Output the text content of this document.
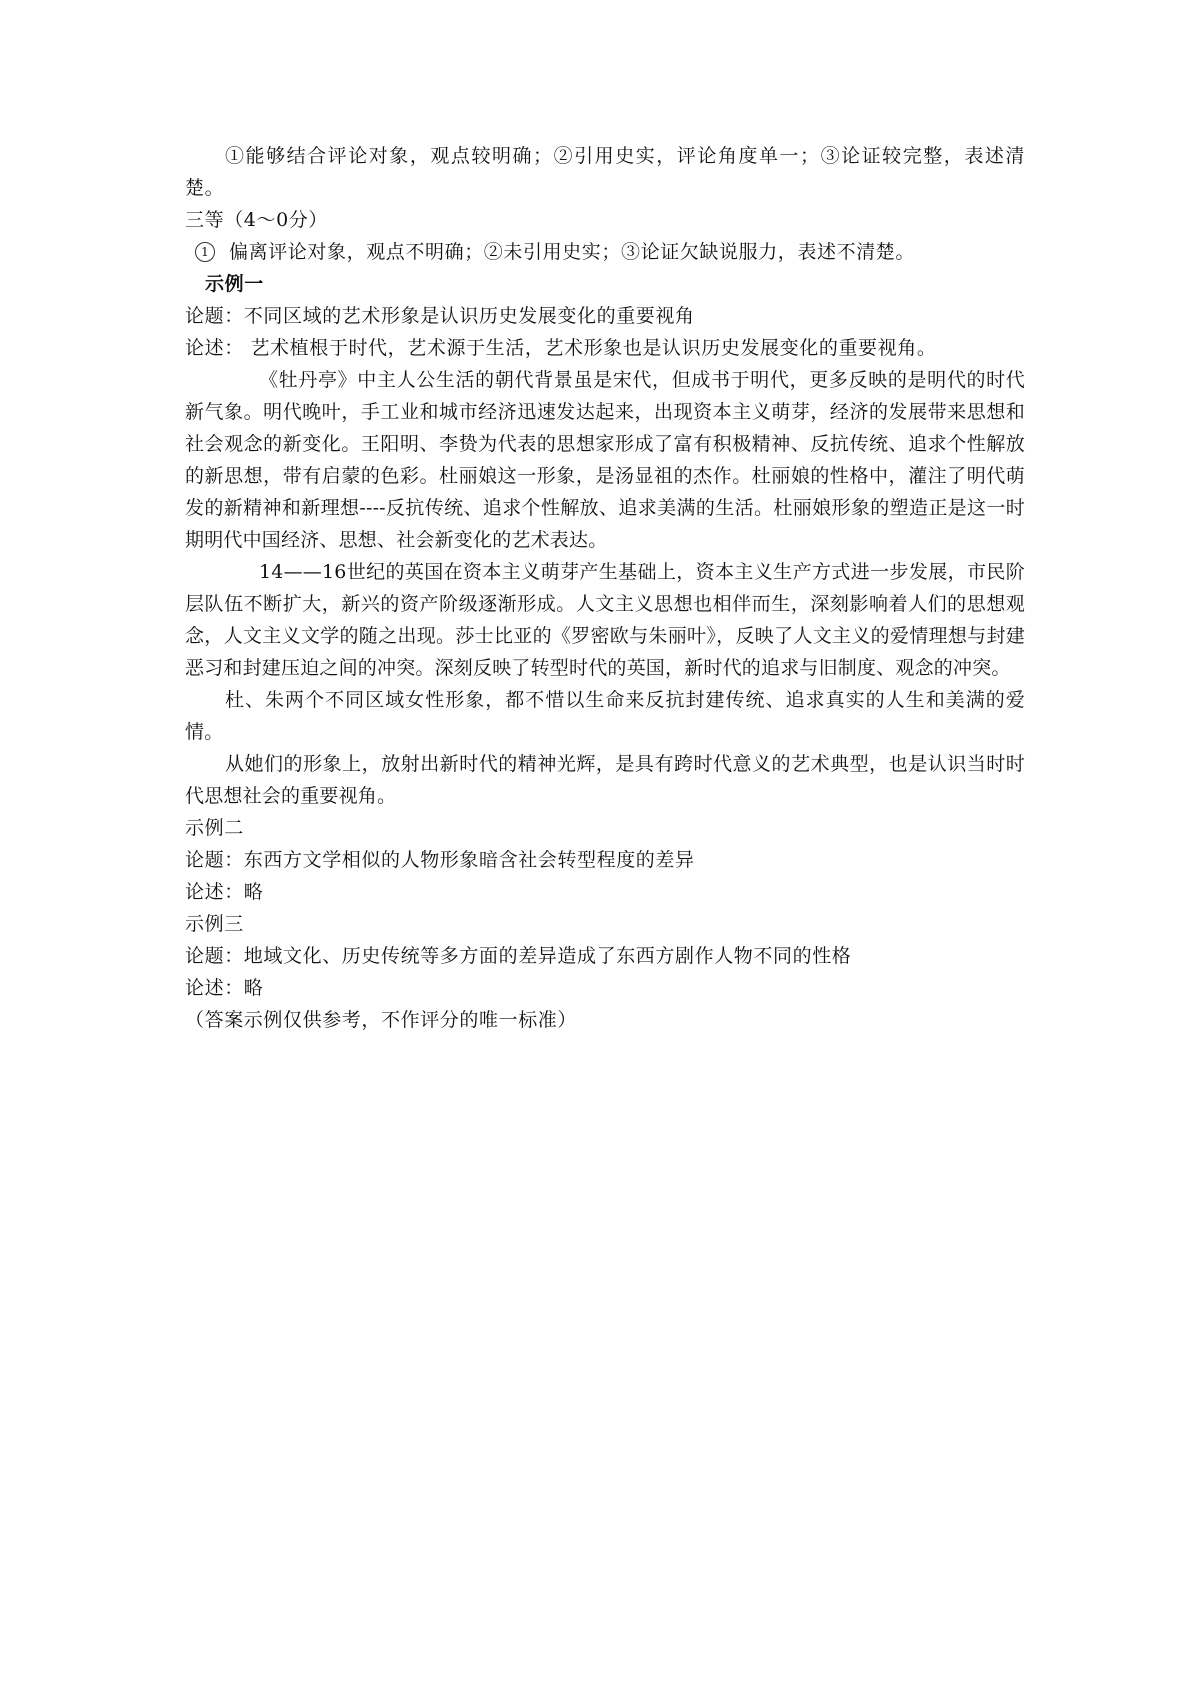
①能够结合评论对象，观点较明确；②引用史实，评论角度单一；③论证较完整，表述清楚。

三等（4～0分）

1 偏离评论对象，观点不明确；②未引用史实；③论证欠缺说服力，表述不清楚。

示例一

论题：不同区域的艺术形象是认识历史发展变化的重要视角

论述： 艺术植根于时代，艺术源于生活，艺术形象也是认识历史发展变化的重要视角。

《牡丹亭》中主人公生活的朝代背景虽是宋代，但成书于明代，更多反映的是明代的时代新气象。明代晚叶，手工业和城市经济迅速发达起来，出现资本主义萌芽，经济的发展带来思想和社会观念的新变化。王阳明、李贽为代表的思想家形成了富有积极精神、反抗传统、追求个性解放的新思想，带有启蒙的色彩。杜丽娘这一形象，是汤显祖的杰作。杜丽娘的性格中，灌注了明代萌发的新精神和新理想----反抗传统、追求个性解放、追求美满的生活。杜丽娘形象的塑造正是这一时期明代中国经济、思想、社会新变化的艺术表达。

14——16世纪的英国在资本主义萌芽产生基础上，资本主义生产方式进一步发展，市民阶层队伍不断扩大，新兴的资产阶级逐渐形成。人文主义思想也相伴而生，深刻影响着人们的思想观念，人文主义文学的随之出现。莎士比亚的《罗密欧与朱丽叶》，反映了人文主义的爱情理想与封建恶习和封建压迫之间的冲突。深刻反映了转型时代的英国，新时代的追求与旧制度、观念的冲突。

杜、朱两个不同区域女性形象，都不惜以生命来反抗封建传统、追求真实的人生和美满的爱情。

从她们的形象上，放射出新时代的精神光辉，是具有跨时代意义的艺术典型，也是认识当时时代思想社会的重要视角。

示例二

论题：东西方文学相似的人物形象暗含社会转型程度的差异

论述：略

示例三

论题：地域文化、历史传统等多方面的差异造成了东西方剧作人物不同的性格

论述：略

（答案示例仅供参考，不作评分的唯一标准）
